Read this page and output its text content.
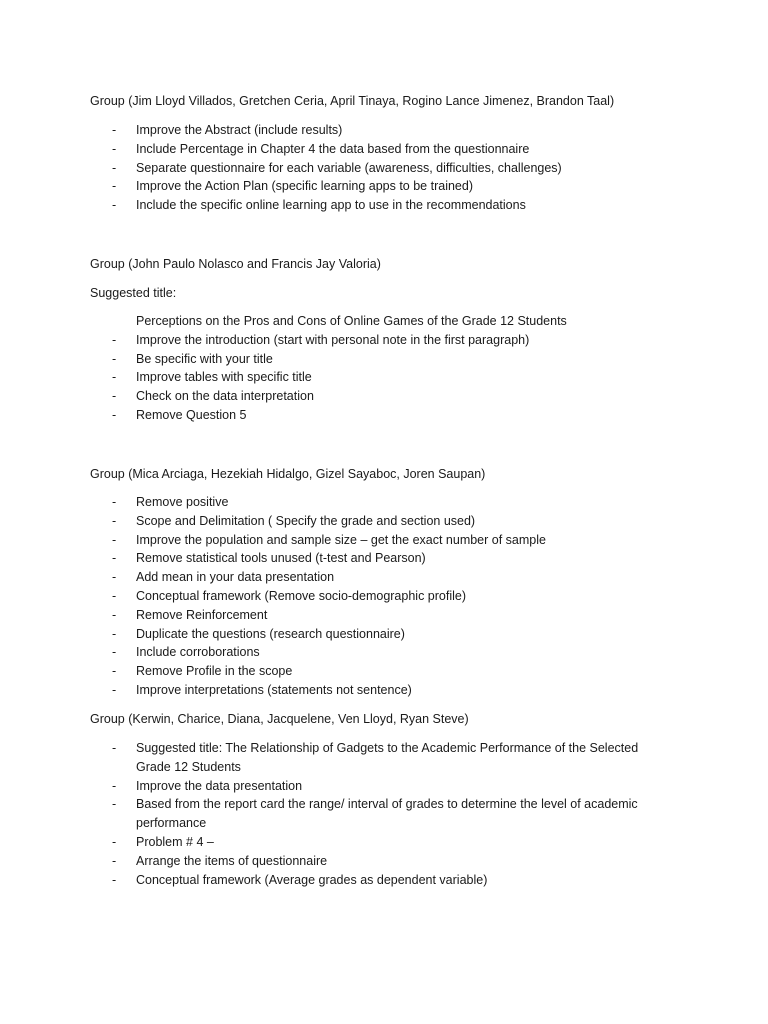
Group (Jim Lloyd Villados, Gretchen Ceria, April Tinaya, Rogino Lance Jimenez, Brandon Taal)

- Improve the Abstract (include results)
- Include Percentage in Chapter 4 the data based from the questionnaire
- Separate questionnaire for each variable (awareness, difficulties, challenges)
- Improve the Action Plan (specific learning apps to be trained)
- Include the specific online learning app to use in the recommendations

Group (John Paulo Nolasco and Francis Jay Valoria)

Suggested title:

Perceptions on the Pros and Cons of Online Games of the Grade 12 Students
- Improve the introduction (start with personal note in the first paragraph)
- Be specific with your title
- Improve tables with specific title
- Check on the data interpretation
- Remove Question 5

Group (Mica Arciaga, Hezekiah Hidalgo, Gizel Sayaboc, Joren Saupan)

- Remove positive
- Scope and Delimitation ( Specify the grade and section used)
- Improve the population and sample size – get the exact number of sample
- Remove statistical tools unused (t-test and Pearson)
- Add mean in your data presentation
- Conceptual framework (Remove socio-demographic profile)
- Remove Reinforcement
- Duplicate the questions (research questionnaire)
- Include corroborations
- Remove Profile in the scope
- Improve interpretations (statements not sentence)

Group (Kerwin, Charice, Diana, Jacquelene, Ven Lloyd, Ryan Steve)

- Suggested title: The Relationship of Gadgets to the Academic Performance of the Selected Grade 12 Students
- Improve the data presentation
- Based from the report card the range/ interval of grades to determine the level of academic performance
- Problem # 4 –
- Arrange the items of questionnaire
- Conceptual framework (Average grades as dependent variable)
